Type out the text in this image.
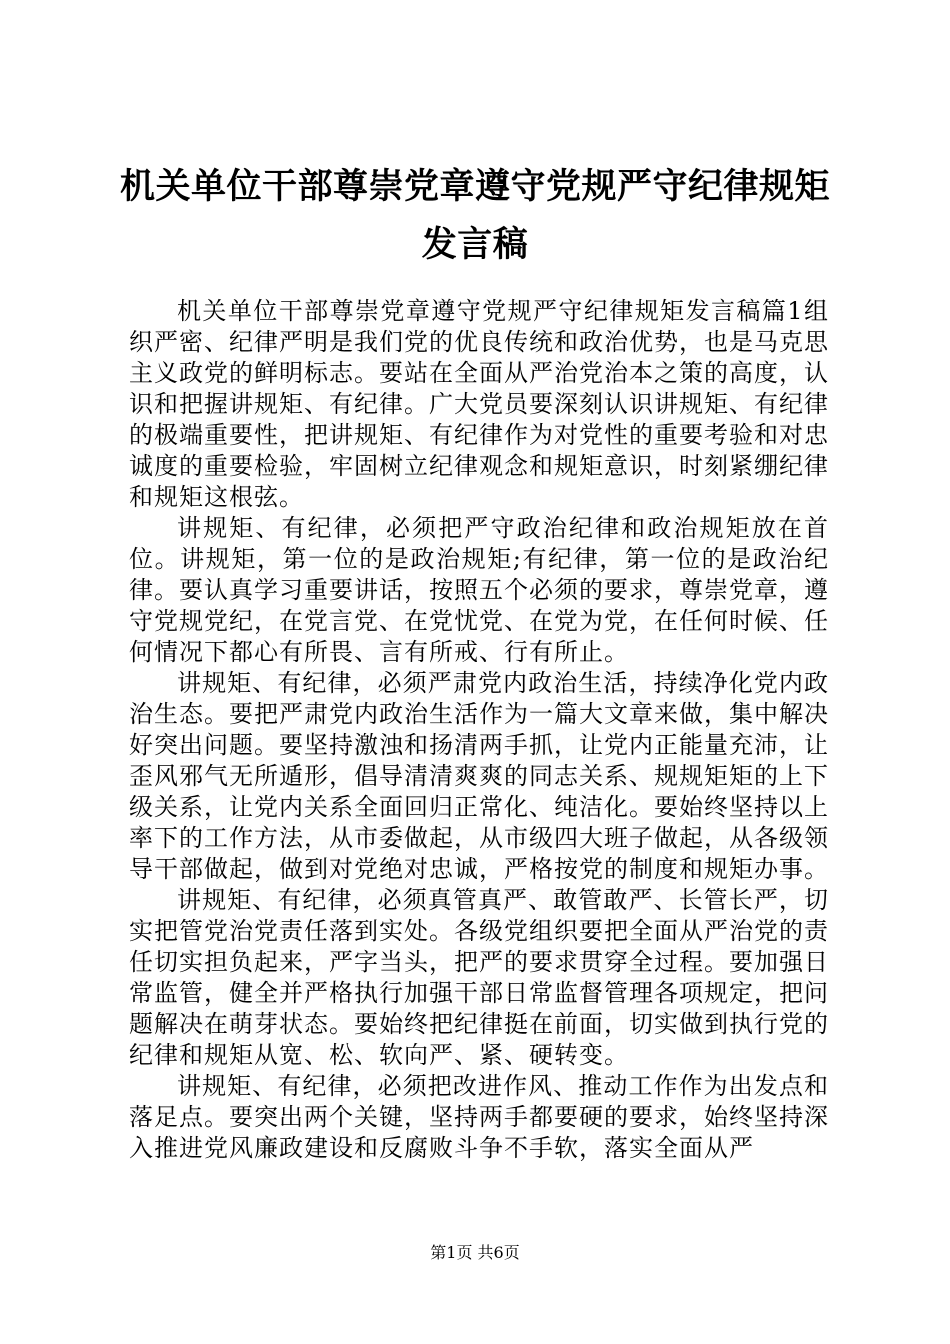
机关单位干部尊崇党章遵守党规严守纪律规矩发言稿

机关单位干部尊崇党章遵守党规严守纪律规矩发言稿篇1组织严密、纪律严明是我们党的优良传统和政治优势，也是马克思主义政党的鲜明标志。要站在全面从严治党治本之策的高度，认识和把握讲规矩、有纪律。广大党员要深刻认识讲规矩、有纪律的极端重要性，把讲规矩、有纪律作为对党性的重要考验和对忠诚度的重要检验，牢固树立纪律观念和规矩意识，时刻紧绷纪律和规矩这根弦。

讲规矩、有纪律，必须把严守政治纪律和政治规矩放在首位。讲规矩，第一位的是政治规矩;有纪律，第一位的是政治纪律。要认真学习重要讲话，按照五个必须的要求，尊崇党章，遵守党规党纪，在党言党、在党忧党、在党为党，在任何时候、任何情况下都心有所畏、言有所戒、行有所止。

讲规矩、有纪律，必须严肃党内政治生活，持续净化党内政治生态。要把严肃党内政治生活作为一篇大文章来做，集中解决好突出问题。要坚持激浊和扬清两手抓，让党内正能量充沛，让歪风邪气无所遁形，倡导清清爽爽的同志关系、规规矩矩的上下级关系，让党内关系全面回归正常化、纯洁化。要始终坚持以上率下的工作方法，从市委做起，从市级四大班子做起，从各级领导干部做起，做到对党绝对忠诚，严格按党的制度和规矩办事。

讲规矩、有纪律，必须真管真严、敢管敢严、长管长严，切实把管党治党责任落到实处。各级党组织要把全面从严治党的责任切实担负起来，严字当头，把严的要求贯穿全过程。要加强日常监管，健全并严格执行加强干部日常监督管理各项规定，把问题解决在萌芽状态。要始终把纪律挺在前面，切实做到执行党的纪律和规矩从宽、松、软向严、紧、硬转变。

讲规矩、有纪律，必须把改进作风、推动工作作为出发点和落足点。要突出两个关键，坚持两手都要硬的要求，始终坚持深入推进党风廉政建设和反腐败斗争不手软，落实全面从严

第1页 共6页
